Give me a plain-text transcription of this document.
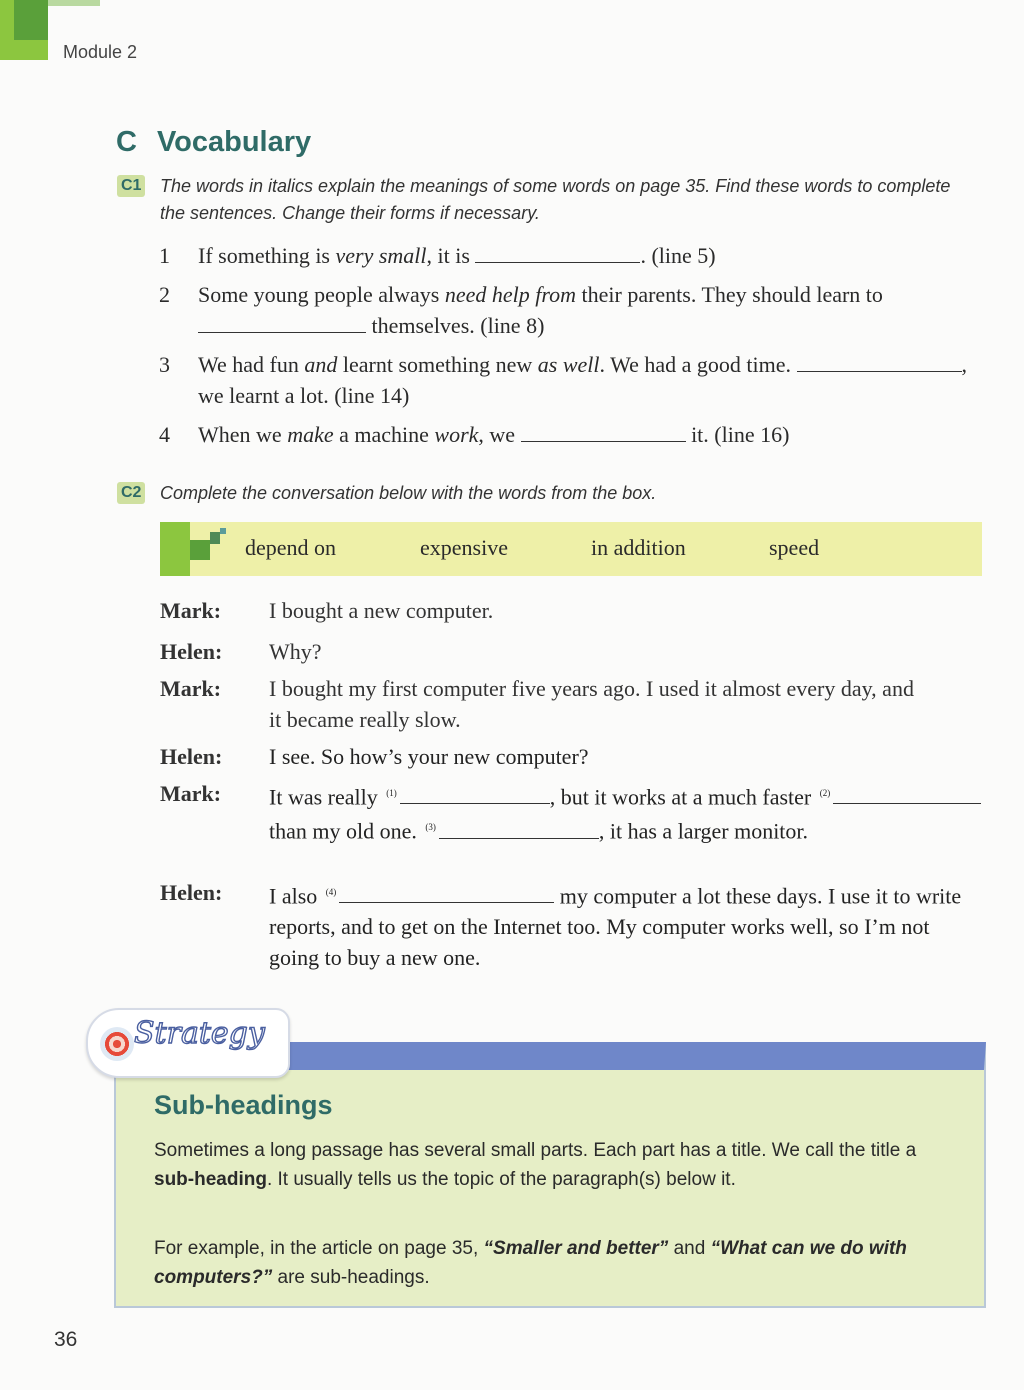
Module 2
C Vocabulary
C1 The words in italics explain the meanings of some words on page 35. Find these words to complete the sentences. Change their forms if necessary.
1 If something is very small, it is	. (line 5)
2 Some young people always need help from their parents. They should learn to  themselves. (line 8)
3 We had fun and learnt something new as well. We had a good time.	, we learnt a lot. (line 14)
4 When we make a machine work, we	it. (line 16)
C2 Complete the conversation below with the words from the box.
depend on	expensive	in addition	speed
Mark: I bought a new computer.
Helen: Why?
Mark: I bought my first computer five years ago. I used it almost every day, and it became really slow.
Helen: I see. So how’s your new computer?
Mark: It was really $^{(1)}$	, but it works at a much faster $^{(2)}$ than my old one. $^{(3)}$	, it has a larger monitor.
Helen: I also $^{(4)}$	my computer a lot these days. I use it to write reports, and to get on the Internet too. My computer works well, so I’m not going to buy a new one.
Strategy
Sub-headings
Sometimes a long passage has several small parts. Each part has a title. We call the title a sub-heading. It usually tells us the topic of the paragraph(s) below it.
For example, in the article on page 35, “Smaller and better” and “What can we do with computers?” are sub-headings.
36
